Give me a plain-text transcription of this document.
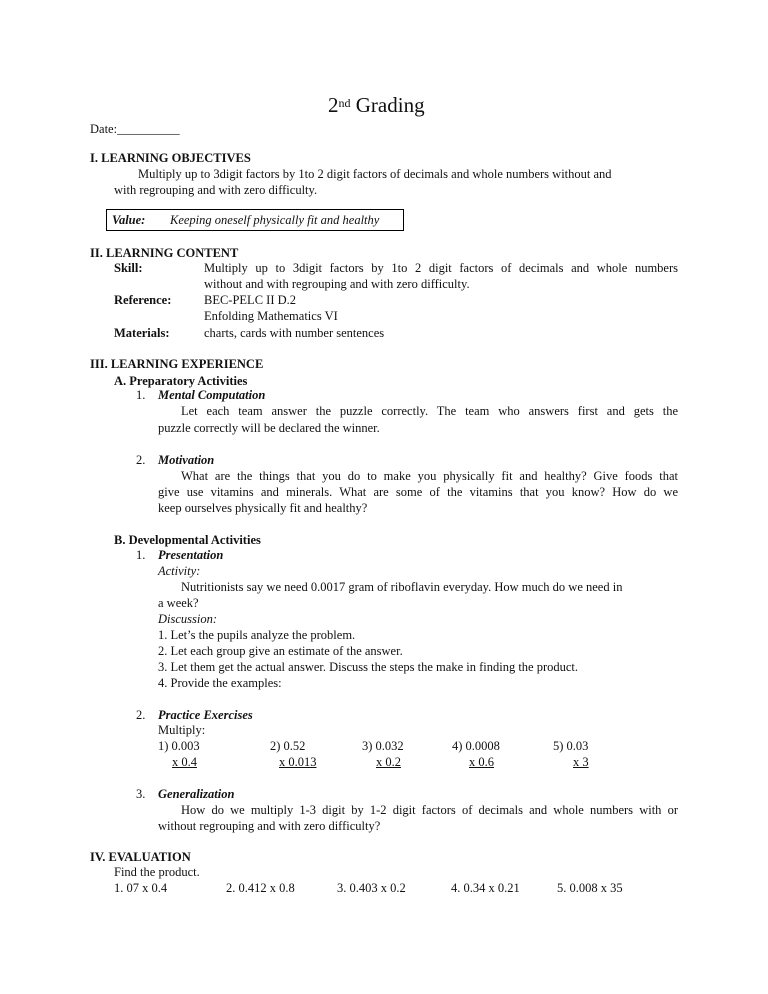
2nd Grading
Date:__________
I. LEARNING OBJECTIVES
Multiply up to 3digit factors by 1to 2 digit factors of decimals and whole numbers without and
with regrouping and with zero difficulty.
Value: Keeping oneself physically fit and healthy
II. LEARNING CONTENT
Skill:	Multiply up to 3digit factors by 1to 2 digit factors of decimals and whole numbers
without and with regrouping and with zero difficulty.
Reference:	BEC-PELC II D.2
Enfolding Mathematics VI
Materials:	charts, cards with number sentences
III. LEARNING EXPERIENCE
A. Preparatory Activities
1. Mental Computation
Let each team answer the puzzle correctly. The team who answers first and gets the
puzzle correctly will be declared the winner.
2. Motivation
What are the things that you do to make you physically fit and healthy? Give foods that
give use vitamins and minerals. What are some of the vitamins that you know? How do we
keep ourselves physically fit and healthy?
B. Developmental Activities
1. Presentation
Activity:
Nutritionists say we need 0.0017 gram of riboflavin everyday. How much do we need in
a week?
Discussion:
1. Let’s the pupils analyze the problem.
2. Let each group give an estimate of the answer.
3. Let them get the actual answer. Discuss the steps the make in finding the product.
4. Provide the examples:
2. Practice Exercises
Multiply:
1) 0.003
x 0.4
2) 0.52
x 0.013
3) 0.032
x 0.2
4) 0.0008
x 0.6
5) 0.03
x 3
3. Generalization
How do we multiply 1-3 digit by 1-2 digit factors of decimals and whole numbers with or
without regrouping and with zero difficulty?
IV. EVALUATION
Find the product.
1. 07 x 0.4	2. 0.412 x 0.8	3. 0.403 x 0.2	4. 0.34 x 0.21	5. 0.008 x 35
